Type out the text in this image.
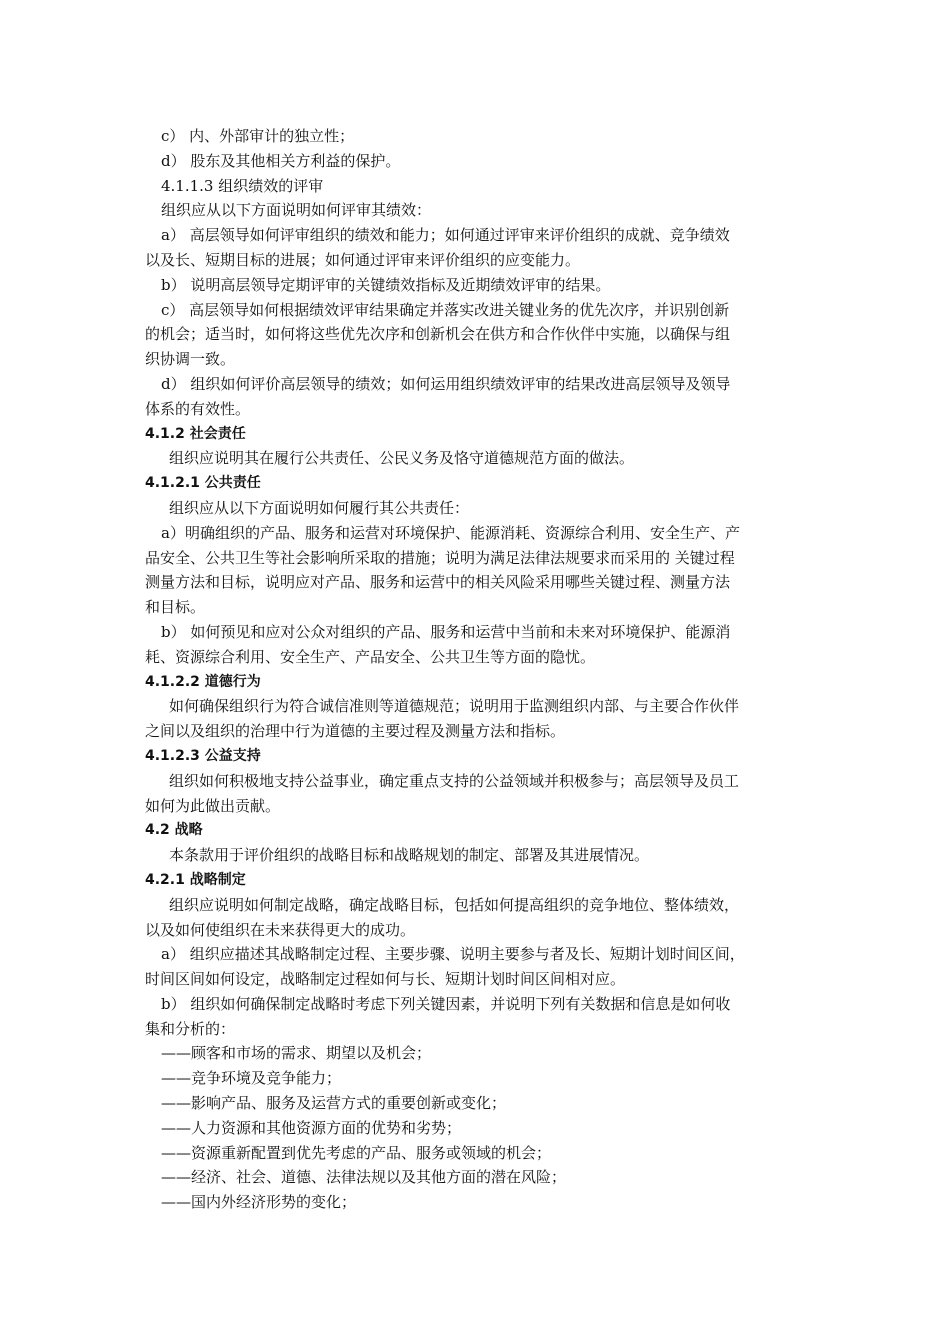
c） 内、外部审计的独立性；
d） 股东及其他相关方利益的保护。
4.1.1.3 组织绩效的评审
组织应从以下方面说明如何评审其绩效：
a） 高层领导如何评审组织的绩效和能力；如何通过评审来评价组织的成就、竞争绩效
以及长、短期目标的进展；如何通过评审来评价组织的应变能力。
b） 说明高层领导定期评审的关键绩效指标及近期绩效评审的结果。
c） 高层领导如何根据绩效评审结果确定并落实改进关键业务的优先次序，并识别创新
的机会；适当时，如何将这些优先次序和创新机会在供方和合作伙伴中实施，以确保与组
织协调一致。
d） 组织如何评价高层领导的绩效；如何运用组织绩效评审的结果改进高层领导及领导
体系的有效性。
4.1.2 社会责任
组织应说明其在履行公共责任、公民义务及恪守道德规范方面的做法。
4.1.2.1 公共责任
组织应从以下方面说明如何履行其公共责任：
a）明确组织的产品、服务和运营对环境保护、能源消耗、资源综合利用、安全生产、产
品安全、公共卫生等社会影响所采取的措施；说明为满足法律法规要求而采用的 关键过程
测量方法和目标，说明应对产品、服务和运营中的相关风险采用哪些关键过程、测量方法
和目标。
b） 如何预见和应对公众对组织的产品、服务和运营中当前和未来对环境保护、能源消
耗、资源综合利用、安全生产、产品安全、公共卫生等方面的隐忧。
4.1.2.2 道德行为
如何确保组织行为符合诚信准则等道德规范；说明用于监测组织内部、与主要合作伙伴
之间以及组织的治理中行为道德的主要过程及测量方法和指标。
4.1.2.3 公益支持
组织如何积极地支持公益事业，确定重点支持的公益领域并积极参与；高层领导及员工
如何为此做出贡献。
4.2 战略
本条款用于评价组织的战略目标和战略规划的制定、部署及其进展情况。
4.2.1 战略制定
组织应说明如何制定战略，确定战略目标，包括如何提高组织的竞争地位、整体绩效，
以及如何使组织在未来获得更大的成功。
a） 组织应描述其战略制定过程、主要步骤、说明主要参与者及长、短期计划时间区间，
时间区间如何设定，战略制定过程如何与长、短期计划时间区间相对应。
b） 组织如何确保制定战略时考虑下列关键因素，并说明下列有关数据和信息是如何收
集和分析的：
——顾客和市场的需求、期望以及机会；
——竞争环境及竞争能力；
——影响产品、服务及运营方式的重要创新或变化；
——人力资源和其他资源方面的优势和劣势；
——资源重新配置到优先考虑的产品、服务或领域的机会；
——经济、社会、道德、法律法规以及其他方面的潜在风险；
——国内外经济形势的变化；
